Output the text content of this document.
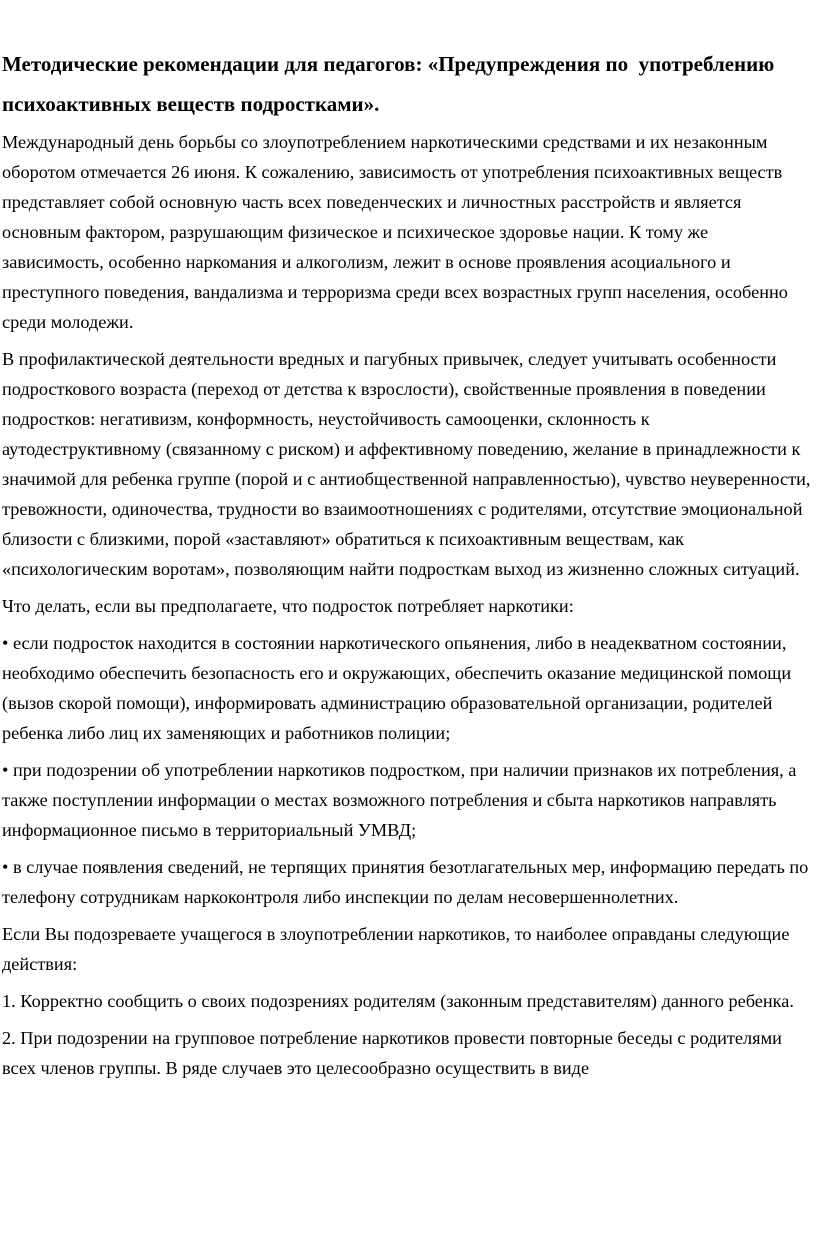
Методические рекомендации для педагогов: «Предупреждения по  употреблению психоактивных веществ подростками».

Международный день борьбы со злоупотреблением наркотическими средствами и их незаконным оборотом отмечается 26 июня. К сожалению, зависимость от употребления психоактивных веществ представляет собой основную часть всех поведенческих и личностных расстройств и является основным фактором, разрушающим физическое и психическое здоровье нации. К тому же зависимость, особенно наркомания и алкоголизм, лежит в основе проявления асоциального и преступного поведения, вандализма и терроризма среди всех возрастных групп населения, особенно среди молодежи.

В профилактической деятельности вредных и пагубных привычек, следует учитывать особенности подросткового возраста (переход от детства к взрослости), свойственные проявления в поведении подростков: негативизм, конформность, неустойчивость самооценки, склонность к аутодеструктивному (связанному с риском) и аффективному поведению, желание в принадлежности к значимой для ребенка группе (порой и с антиобщественной направленностью), чувство неуверенности, тревожности, одиночества, трудности во взаимоотношениях с родителями, отсутствие эмоциональной близости с близкими, порой «заставляют» обратиться к психоактивным веществам, как «психологическим воротам», позволяющим найти подросткам выход из жизненно сложных ситуаций.

Что делать, если вы предполагаете, что подросток потребляет наркотики:

• если подросток находится в состоянии наркотического опьянения, либо в неадекватном состоянии, необходимо обеспечить безопасность его и окружающих, обеспечить оказание медицинской помощи (вызов скорой помощи), информировать администрацию образовательной организации, родителей ребенка либо лиц их заменяющих и работников полиции;

• при подозрении об употреблении наркотиков подростком, при наличии признаков их потребления, а также поступлении информации о местах возможного потребления и сбыта наркотиков направлять информационное письмо в территориальный УМВД;

• в случае появления сведений, не терпящих принятия безотлагательных мер, информацию передать по телефону сотрудникам наркоконтроля либо инспекции по делам несовершеннолетних.

Если Вы подозреваете учащегося в злоупотреблении наркотиков, то наиболее оправданы следующие действия:

1. Корректно сообщить о своих подозрениях родителям (законным представителям) данного ребенка.

2. При подозрении на групповое потребление наркотиков провести повторные беседы с родителями всех членов группы. В ряде случаев это целесообразно осуществить в виде
